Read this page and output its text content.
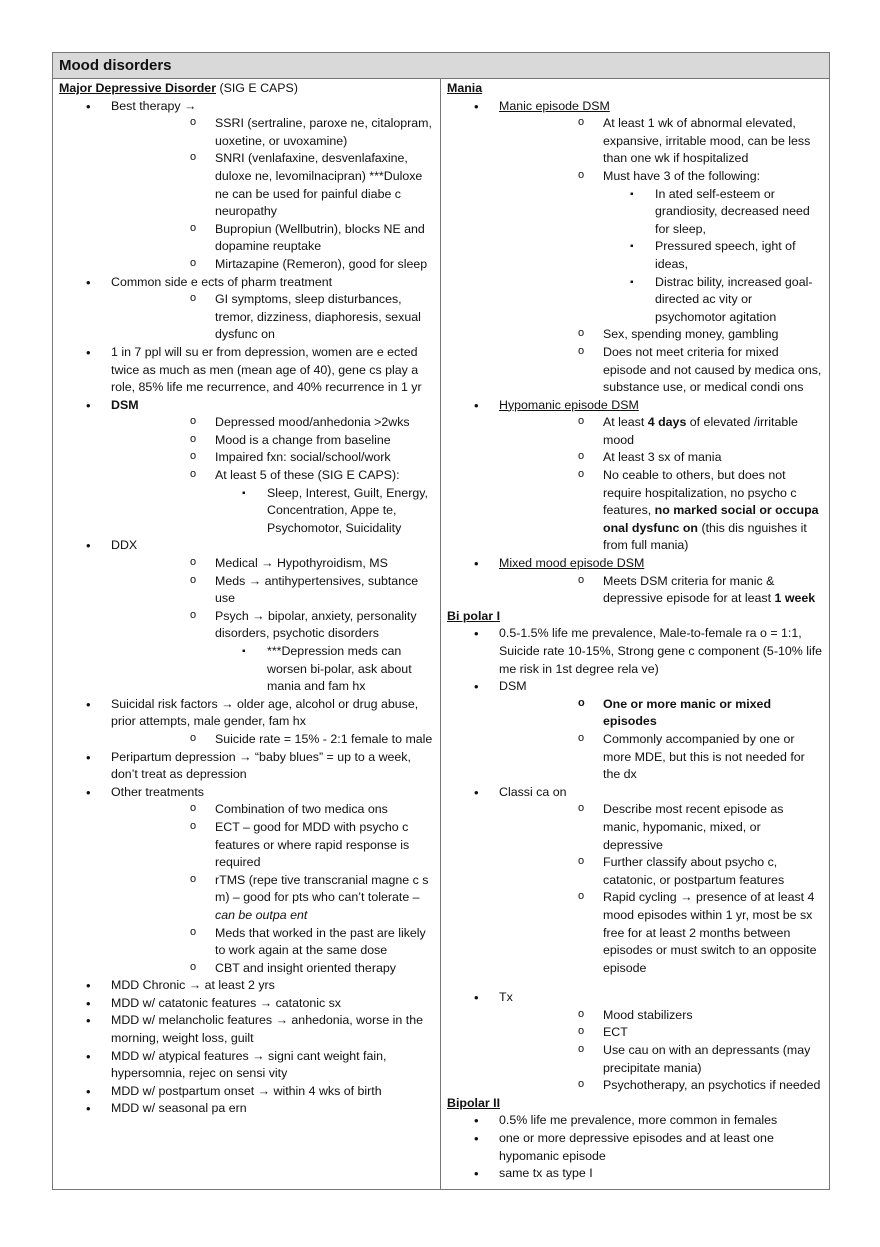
Mood disorders
Major Depressive Disorder (SIG E CAPS)
• Best therapy →
o SSRI (sertraline, paroxe ne, citalopram, uoxetine, or uvoxamine)
o SNRI (venlafaxine, desvenlafaxine, duloxe ne, levomilnacipran) ***Duloxe ne can be used for painful diabe c neuropathy
o Bupropiun (Wellbutrin), blocks NE and dopamine reuptake
o Mirtazapine (Remeron), good for sleep
• Common side e ects of pharm treatment
o GI symptoms, sleep disturbances, tremor, dizziness, diaphoresis, sexual dysfunc on
• 1 in 7 ppl will su er from depression, women are e ected twice as much as men (mean age of 40), gene cs play a role, 85% life me recurrence, and 40% recurrence in 1 yr
• DSM
o Depressed mood/anhedonia >2wks
o Mood is a change from baseline
o Impaired fxn: social/school/work
o At least 5 of these (SIG E CAPS):
▪ Sleep, Interest, Guilt, Energy, Concentration, Appe te, Psychomotor, Suicidality
• DDX
o Medical → Hypothyroidism, MS
o Meds → antihypertensives, subtance use
o Psych → bipolar, anxiety, personality disorders, psychotic disorders
▪ ***Depression meds can worsen bi-polar, ask about mania and fam hx
• Suicidal risk factors → older age, alcohol or drug abuse, prior attempts, male gender, fam hx
o Suicide rate = 15% - 2:1 female to male
• Peripartum depression → “baby blues” = up to a week, don’t treat as depression
• Other treatments
o Combination of two medica ons
o ECT – good for MDD with psycho c features or where rapid response is required
o rTMS (repe tive transcranial magne c s m) – good for pts who can’t tolerate – can be outpa ent
o Meds that worked in the past are likely to work again at the same dose
o CBT and insight oriented therapy
• MDD Chronic → at least 2 yrs
• MDD w/ catatonic features → catatonic sx
• MDD w/ melancholic features → anhedonia, worse in the morning, weight loss, guilt
• MDD w/ atypical features → signi cant weight fain, hypersomnia, rejec on sensi vity
• MDD w/ postpartum onset → within 4 wks of birth
• MDD w/ seasonal pa ern
Mania
• Manic episode DSM
o At least 1 wk of abnormal elevated, expansive, irritable mood, can be less than one wk if hospitalized
o Must have 3 of the following:
▪ In ated self-esteem or grandiosity, decreased need for sleep,
▪ Pressured speech, ight of ideas,
▪ Distrac bility, increased goal-directed ac vity or psychomotor agitation
o Sex, spending money, gambling
o Does not meet criteria for mixed episode and not caused by medica ons, substance use, or medical condi ons
• Hypomanic episode DSM
o At least 4 days of elevated /irritable mood
o At least 3 sx of mania
o No ceable to others, but does not require hospitalization, no psycho c features, no marked social or occupa onal dysfunc on (this dis nguishes it from full mania)
• Mixed mood episode DSM
o Meets DSM criteria for manic & depressive episode for at least 1 week
Bi polar I
• 0.5-1.5% life me prevalence, Male-to-female ra o = 1:1, Suicide rate 10-15%, Strong gene c component (5-10% life me risk in 1st degree rela ve)
• DSM
o One or more manic or mixed episodes
o Commonly accompanied by one or more MDE, but this is not needed for the dx
• Classi ca on
o Describe most recent episode as manic, hypomanic, mixed, or depressive
o Further classify about psycho c, catatonic, or postpartum features
o Rapid cycling → presence of at least 4 mood episodes within 1 yr, most be sx free for at least 2 months between episodes or must switch to an opposite episode
• Tx
o Mood stabilizers
o ECT
o Use cau on with an depressants (may precipitate mania)
o Psychotherapy, an psychotics if needed
Bipolar II
• 0.5% life me prevalence, more common in females
• one or more depressive episodes and at least one hypomanic episode
• same tx as type I
